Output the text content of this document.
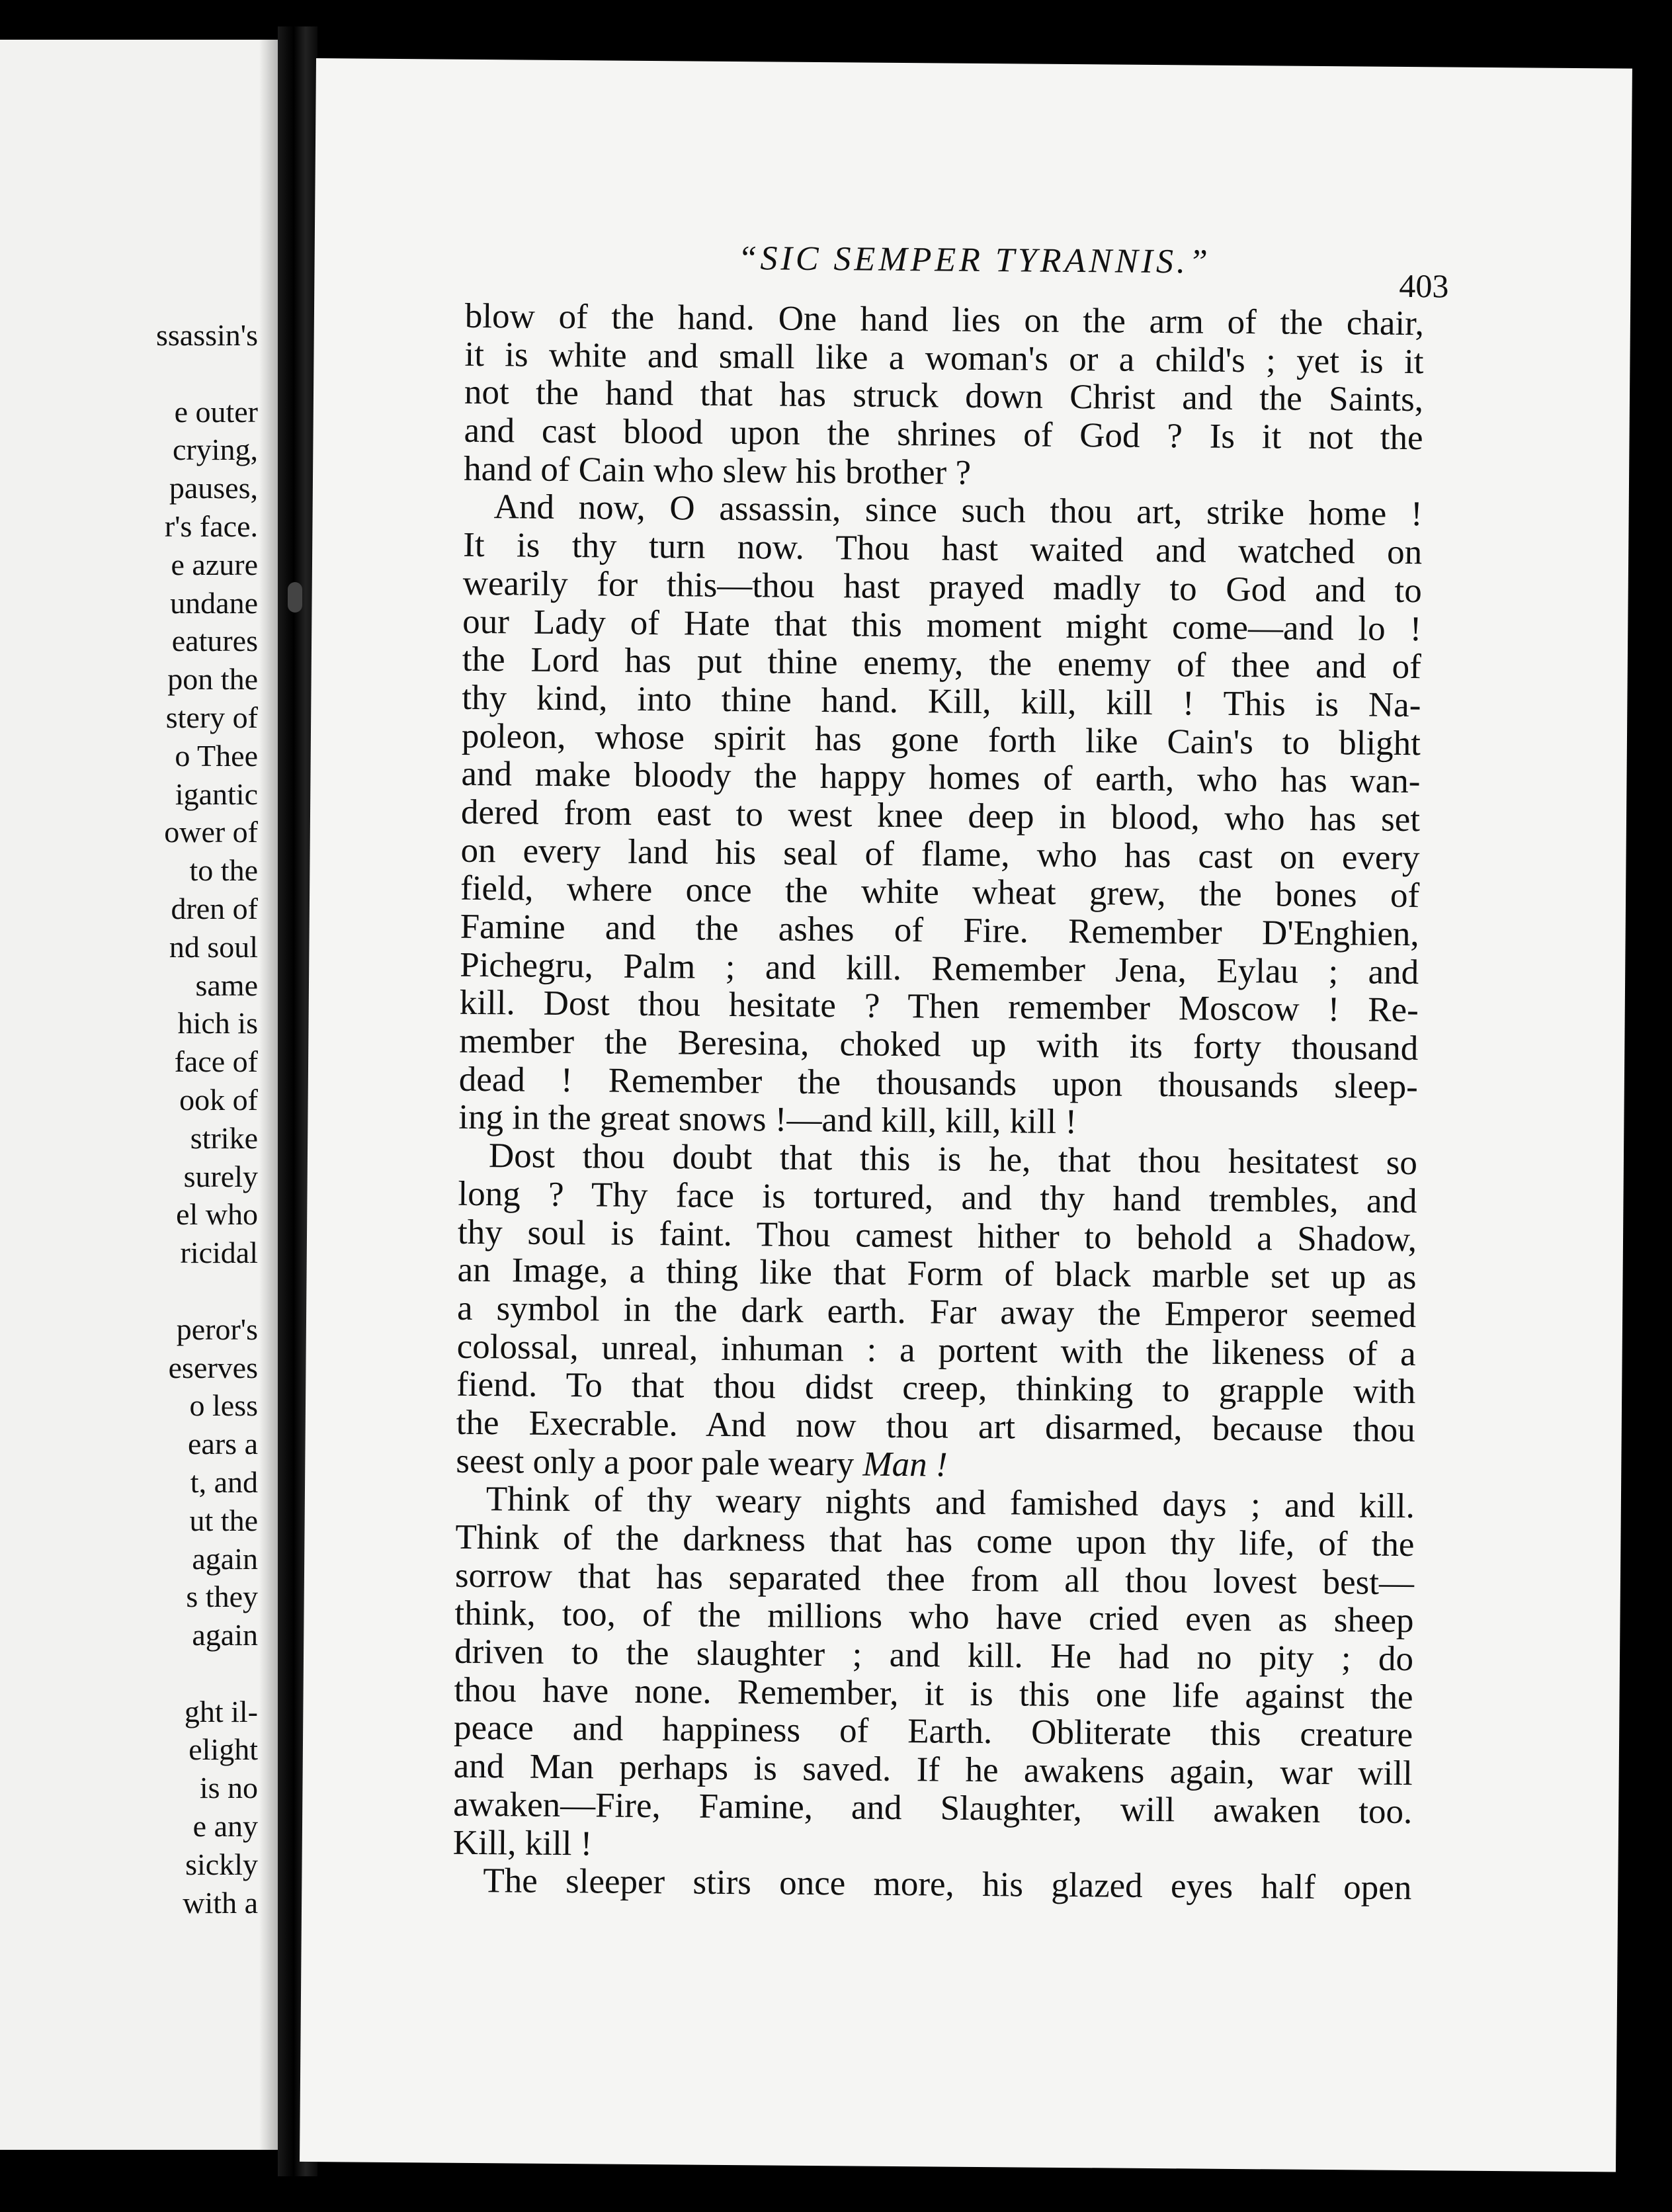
ssassin's
e outer
crying,
pauses,
r's face.
e azure
undane
eatures
pon the
stery of
o Thee
igantic
ower of
to the
dren of
nd soul
same
hich is
face of
ook of
strike
surely
el who
ricidal
peror's
eserves
o less
ears a
t, and
ut the
again
s they
again
ght il-
elight
is no
e any
sickly
with a
“SIC SEMPER TYRANNIS.”
403
blow of the hand. One hand lies on the arm of the chair,
it is white and small like a woman's or a child's ; yet is it
not the hand that has struck down Christ and the Saints,
and cast blood upon the shrines of God ? Is it not the
hand of Cain who slew his brother ?
And now, O assassin, since such thou art, strike home !
It is thy turn now. Thou hast waited and watched on
wearily for this—thou hast prayed madly to God and to
our Lady of Hate that this moment might come—and lo !
the Lord has put thine enemy, the enemy of thee and of
thy kind, into thine hand. Kill, kill, kill ! This is Na-
poleon, whose spirit has gone forth like Cain's to blight
and make bloody the happy homes of earth, who has wan-
dered from east to west knee deep in blood, who has set
on every land his seal of flame, who has cast on every
field, where once the white wheat grew, the bones of
Famine and the ashes of Fire. Remember D'Enghien,
Pichegru, Palm ; and kill. Remember Jena, Eylau ; and
kill. Dost thou hesitate ? Then remember Moscow ! Re-
member the Beresina, choked up with its forty thousand
dead ! Remember the thousands upon thousands sleep-
ing in the great snows !—and kill, kill, kill !
Dost thou doubt that this is he, that thou hesitatest so
long ? Thy face is tortured, and thy hand trembles, and
thy soul is faint. Thou camest hither to behold a Shadow,
an Image, a thing like that Form of black marble set up as
a symbol in the dark earth. Far away the Emperor seemed
colossal, unreal, inhuman : a portent with the likeness of a
fiend. To that thou didst creep, thinking to grapple with
the Execrable. And now thou art disarmed, because thou
seest only a poor pale weary Man !
Think of thy weary nights and famished days ; and kill.
Think of the darkness that has come upon thy life, of the
sorrow that has separated thee from all thou lovest best—
think, too, of the millions who have cried even as sheep
driven to the slaughter ; and kill. He had no pity ; do
thou have none. Remember, it is this one life against the
peace and happiness of Earth. Obliterate this creature
and Man perhaps is saved. If he awakens again, war will
awaken—Fire, Famine, and Slaughter, will awaken too.
Kill, kill !
The sleeper stirs once more, his glazed eyes half open
